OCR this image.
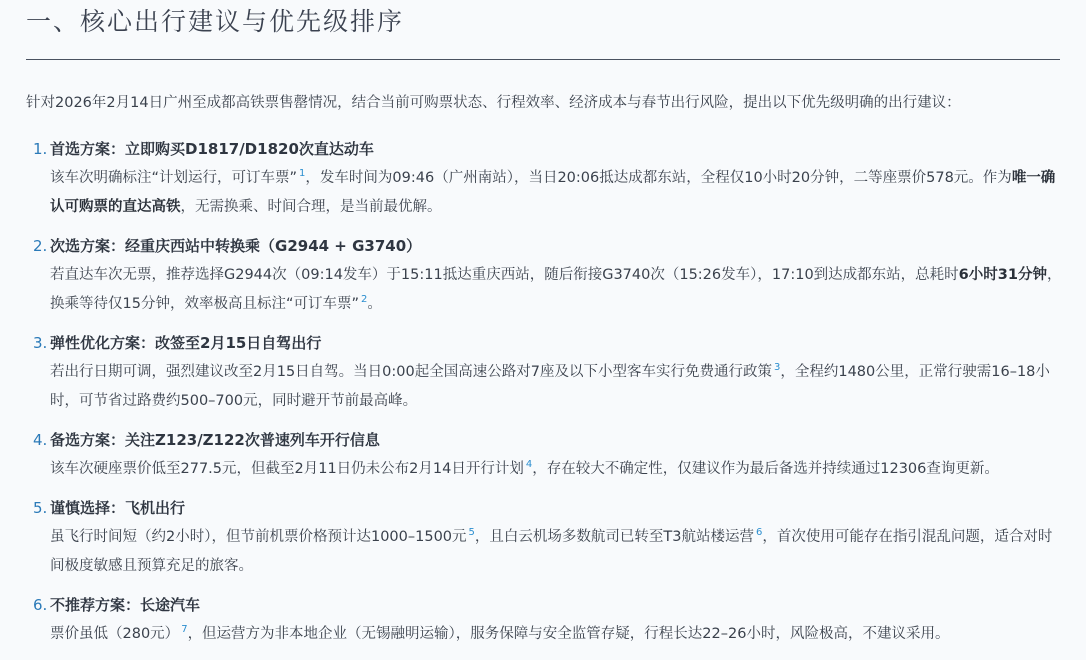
一、核心出行建议与优先级排序

针对2026年2月14日广州至成都高铁票售罄情况，结合当前可购票状态、行程效率、经济成本与春节出行风险，提出以下优先级明确的出行建议：

1. 首选方案：立即购买D1817/D1820次直达动车
该车次明确标注“计划运行，可订车票” $^1$，发车时间为09:46（广州南站），当日20:06抵达成都东站，全程仅10小时20分钟，二等座票价578元。作为唯一确认可购票的直达高铁，无需换乘、时间合理，是当前最优解。
2. 次选方案：经重庆西站中转换乘（G2944 + G3740）
若直达车次无票，推荐选择G2944次（09:14发车）于15:11抵达重庆西站，随后衔接G3740次（15:26发车），17:10到达成都东站，总耗时6小时31分钟，换乘等待仅15分钟，效率极高且标注“可订车票” $^2$。
3. 弹性优化方案：改签至2月15日自驾出行
若出行日期可调，强烈建议改至2月15日自驾。当日0:00起全国高速公路对7座及以下小型客车实行免费通行政策 $^3$，全程约1480公里，正常行驶需16–18小时，可节省过路费约500–700元，同时避开节前最高峰。
4. 备选方案：关注Z123/Z122次普速列车开行信息
该车次硬座票价低至277.5元，但截至2月11日仍未公布2月14日开行计划 $^4$，存在较大不确定性，仅建议作为最后备选并持续通过12306查询更新。
5. 谨慎选择：飞机出行
虽飞行时间短（约2小时），但节前机票价格预计达1000–1500元 $^5$，且白云机场多数航司已转至T3航站楼运营 $^6$，首次使用可能存在指引混乱问题，适合对时间极度敏感且预算充足的旅客。
6. 不推荐方案：长途汽车
票价虽低（280元） $^7$，但运营方为非本地企业（无锡融明运输），服务保障与安全监管存疑，行程长达22–26小时，风险极高，不建议采用。
